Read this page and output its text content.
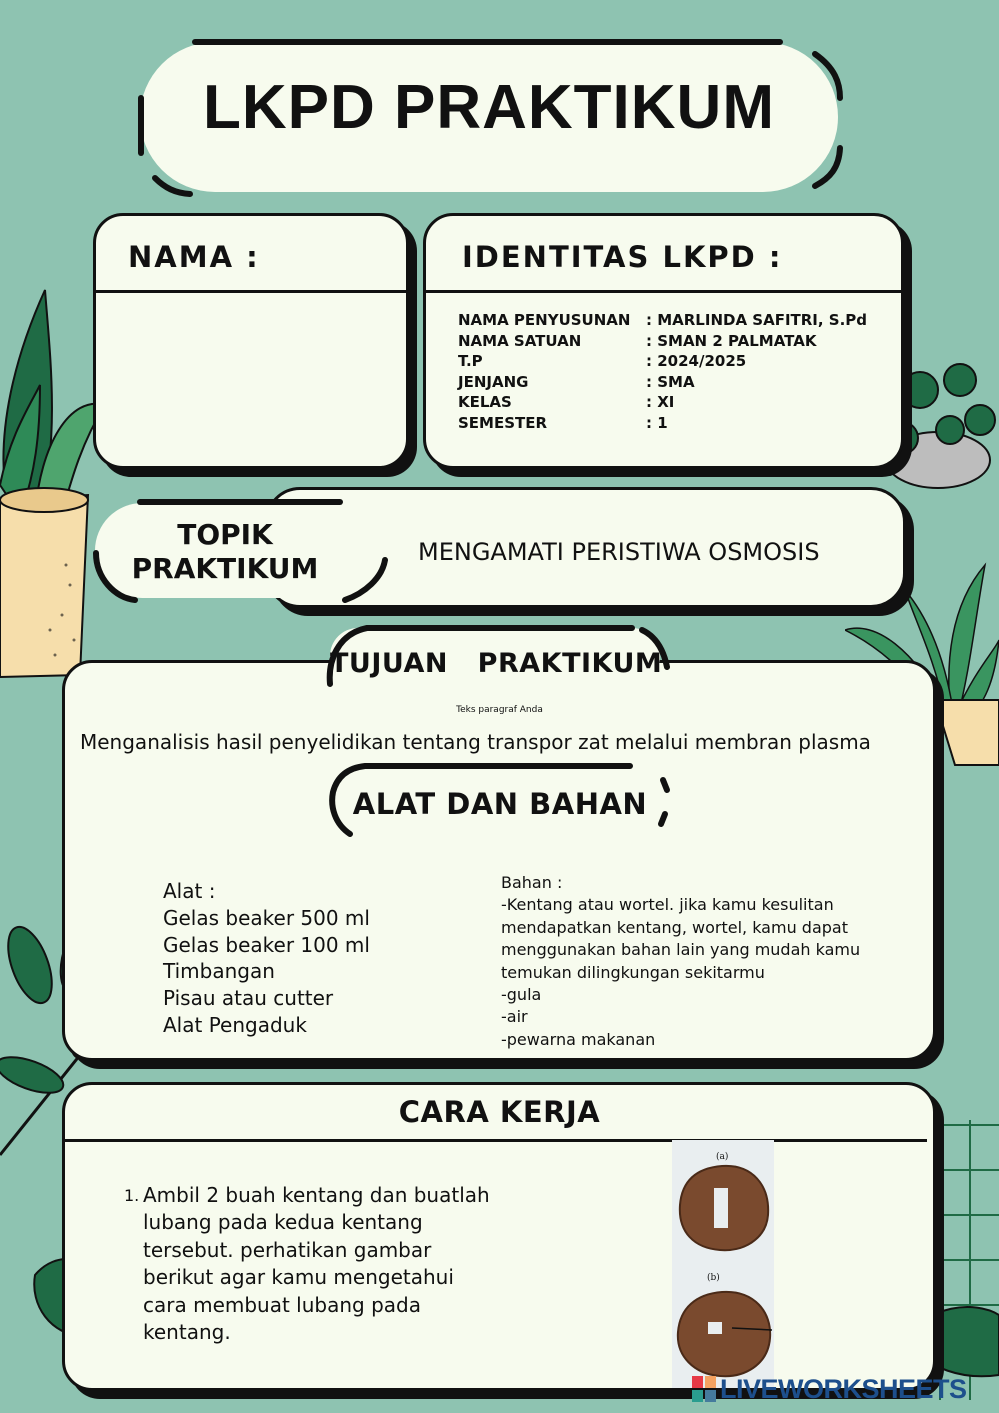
LKPD PRAKTIKUM
NAMA :	IDENTITAS LKPD :
NAMA PENYUSUNAN	: MARLINDA SAFITRI, S.Pd
NAMA SATUAN	: SMAN 2 PALMATAK
T.P	: 2024/2025
JENJANG	: SMA
KELAS	: XI
SEMESTER	: 1
TOPIK
PRAKTIKUM	MENGAMATI PERISTIWA OSMOSIS
TUJUAN   PRAKTIKUM
Teks paragraf Anda
Menganalisis hasil penyelidikan tentang transpor zat melalui membran plasma
ALAT DAN BAHAN
Alat :
Gelas beaker 500 ml
Gelas beaker 100 ml
Timbangan
Pisau atau cutter
Alat Pengaduk
Bahan :
-Kentang atau wortel. jika kamu kesulitan
mendapatkan kentang, wortel, kamu dapat
menggunakan bahan lain yang mudah kamu
temukan dilingkungan sekitarmu
-gula
-air
-pewarna makanan
CARA KERJA
1. Ambil 2 buah kentang dan buatlah
lubang pada kedua kentang
tersebut. perhatikan gambar
berikut agar kamu mengetahui
cara membuat lubang pada
kentang.
(a)
(b)
LIVEWORKSHEETS
